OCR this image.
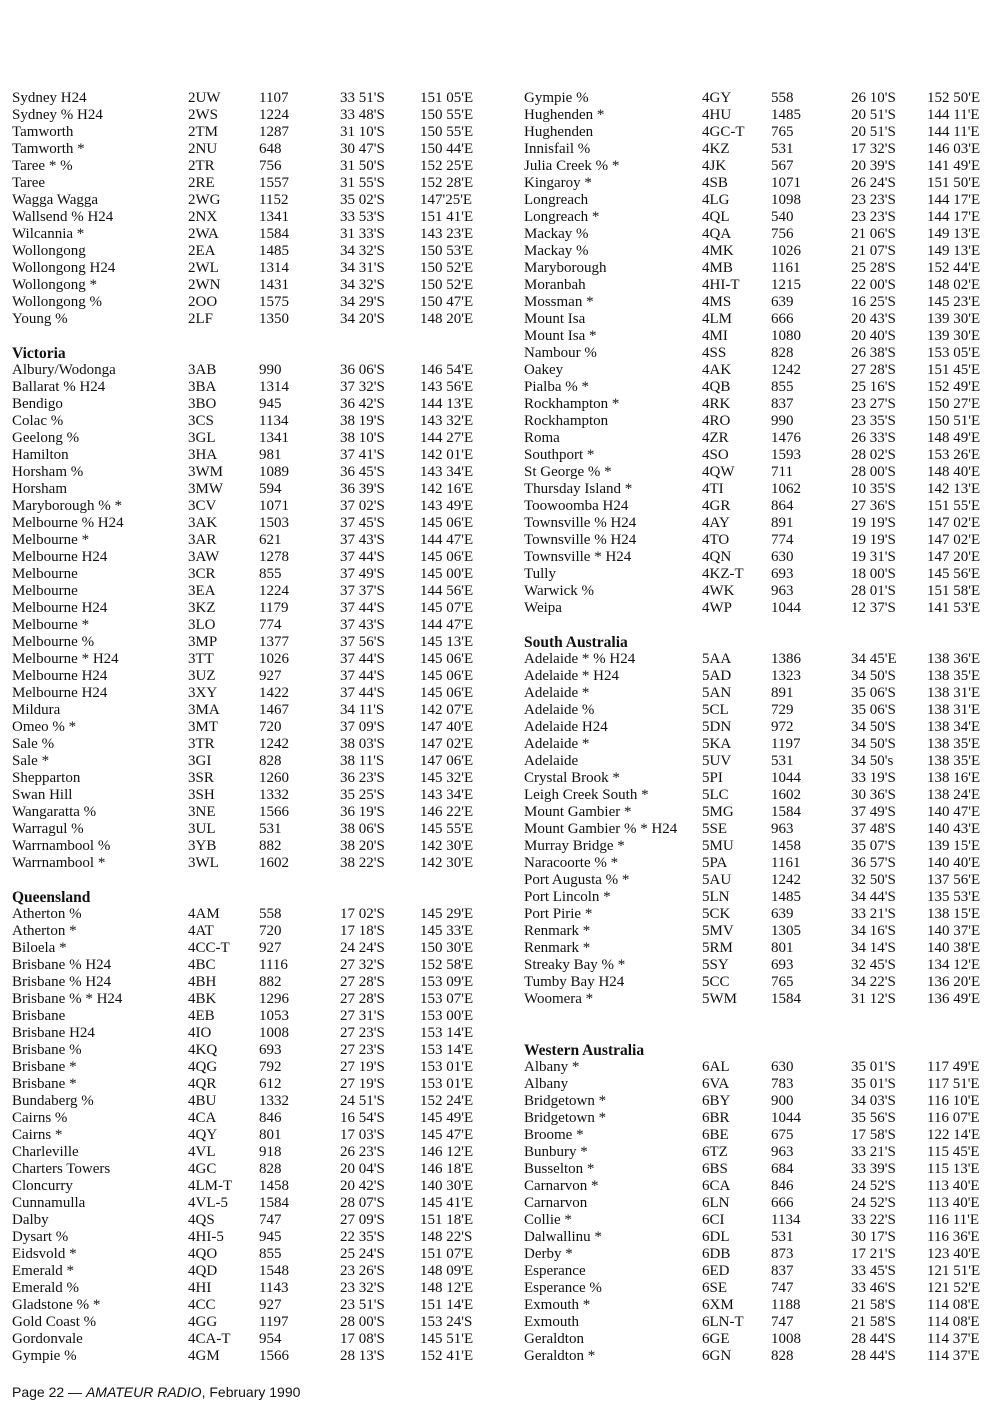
Sydney H24	2UW	1107	33 51'S	151 05'E
Sydney % H24	2WS	1224	33 48'S	150 55'E
Tamworth	2TM	1287	31 10'S	150 55'E
Tamworth *	2NU	648	30 47'S	150 44'E
Taree * %	2TR	756	31 50'S	152 25'E
Taree	2RE	1557	31 55'S	152 28'E
Wagga Wagga	2WG	1152	35 02'S	147'25'E
Wallsend % H24	2NX	1341	33 53'S	151 41'E
Wilcannia *	2WA	1584	31 33'S	143 23'E
Wollongong	2EA	1485	34 32'S	150 53'E
Wollongong H24	2WL	1314	34 31'S	150 52'E
Wollongong *	2WN	1431	34 32'S	150 52'E
Wollongong %	2OO	1575	34 29'S	150 47'E
Young %	2LF	1350	34 20'S	148 20'E
Victoria
Albury/Wodonga	3AB	990	36 06'S	146 54'E
Ballarat % H24	3BA	1314	37 32'S	143 56'E
Bendigo	3BO	945	36 42'S	144 13'E
Colac %	3CS	1134	38 19'S	143 32'E
Geelong %	3GL	1341	38 10'S	144 27'E
Hamilton	3HA	981	37 41'S	142 01'E
Horsham %	3WM	1089	36 45'S	143 34'E
Horsham	3MW	594	36 39'S	142 16'E
Maryborough % *	3CV	1071	37 02'S	143 49'E
Melbourne % H24	3AK	1503	37 45'S	145 06'E
Melbourne *	3AR	621	37 43'S	144 47'E
Melbourne H24	3AW	1278	37 44'S	145 06'E
Melbourne	3CR	855	37 49'S	145 00'E
Melbourne	3EA	1224	37 37'S	144 56'E
Melbourne H24	3KZ	1179	37 44'S	145 07'E
Melbourne *	3LO	774	37 43'S	144 47'E
Melbourne %	3MP	1377	37 56'S	145 13'E
Melbourne * H24	3TT	1026	37 44'S	145 06'E
Melbourne H24	3UZ	927	37 44'S	145 06'E
Melbourne H24	3XY	1422	37 44'S	145 06'E
Mildura	3MA	1467	34 11'S	142 07'E
Omeo % *	3MT	720	37 09'S	147 40'E
Sale %	3TR	1242	38 03'S	147 02'E
Sale *	3GI	828	38 11'S	147 06'E
Shepparton	3SR	1260	36 23'S	145 32'E
Swan Hill	3SH	1332	35 25'S	143 34'E
Wangaratta %	3NE	1566	36 19'S	146 22'E
Warragul %	3UL	531	38 06'S	145 55'E
Warrnambool %	3YB	882	38 20'S	142 30'E
Warrnambool *	3WL	1602	38 22'S	142 30'E
Queensland
Atherton %	4AM	558	17 02'S	145 29'E
Atherton *	4AT	720	17 18'S	145 33'E
Biloela *	4CC-T	927	24 24'S	150 30'E
Brisbane % H24	4BC	1116	27 32'S	152 58'E
Brisbane % H24	4BH	882	27 28'S	153 09'E
Brisbane % * H24	4BK	1296	27 28'S	153 07'E
Brisbane	4EB	1053	27 31'S	153 00'E
Brisbane H24	4IO	1008	27 23'S	153 14'E
Brisbane %	4KQ	693	27 23'S	153 14'E
Brisbane *	4QG	792	27 19'S	153 01'E
Brisbane *	4QR	612	27 19'S	153 01'E
Bundaberg %	4BU	1332	24 51'S	152 24'E
Cairns %	4CA	846	16 54'S	145 49'E
Cairns *	4QY	801	17 03'S	145 47'E
Charleville	4VL	918	26 23'S	146 12'E
Charters Towers	4GC	828	20 04'S	146 18'E
Cloncurry	4LM-T	1458	20 42'S	140 30'E
Cunnamulla	4VL-5	1584	28 07'S	145 41'E
Dalby	4QS	747	27 09'S	151 18'E
Dysart %	4HI-5	945	22 35'S	148 22'S
Eidsvold *	4QO	855	25 24'S	151 07'E
Emerald *	4QD	1548	23 26'S	148 09'E
Emerald %	4HI	1143	23 32'S	148 12'E
Gladstone % *	4CC	927	23 51'S	151 14'E
Gold Coast %	4GG	1197	28 00'S	153 24'S
Gordonvale	4CA-T	954	17 08'S	145 51'E
Gympie %	4GM	1566	28 13'S	152 41'E
Gympie %	4GY	558	26 10'S	152 50'E
Hughenden *	4HU	1485	20 51'S	144 11'E
Hughenden	4GC-T	765	20 51'S	144 11'E
Innisfail %	4KZ	531	17 32'S	146 03'E
Julia Creek % *	4JK	567	20 39'S	141 49'E
Kingaroy *	4SB	1071	26 24'S	151 50'E
Longreach	4LG	1098	23 23'S	144 17'E
Longreach *	4QL	540	23 23'S	144 17'E
Mackay %	4QA	756	21 06'S	149 13'E
Mackay %	4MK	1026	21 07'S	149 13'E
Maryborough	4MB	1161	25 28'S	152 44'E
Moranbah	4HI-T	1215	22 00'S	148 02'E
Mossman *	4MS	639	16 25'S	145 23'E
Mount Isa	4LM	666	20 43'S	139 30'E
Mount Isa *	4MI	1080	20 40'S	139 30'E
Nambour %	4SS	828	26 38'S	153 05'E
Oakey	4AK	1242	27 28'S	151 45'E
Pialba % *	4QB	855	25 16'S	152 49'E
Rockhampton *	4RK	837	23 27'S	150 27'E
Rockhampton	4RO	990	23 35'S	150 51'E
Roma	4ZR	1476	26 33'S	148 49'E
Southport *	4SO	1593	28 02'S	153 26'E
St George % *	4QW	711	28 00'S	148 40'E
Thursday Island *	4TI	1062	10 35'S	142 13'E
Toowoomba H24	4GR	864	27 36'S	151 55'E
Townsville % H24	4AY	891	19 19'S	147 02'E
Townsville % H24	4TO	774	19 19'S	147 02'E
Townsville * H24	4QN	630	19 31'S	147 20'E
Tully	4KZ-T	693	18 00'S	145 56'E
Warwick %	4WK	963	28 01'S	151 58'E
Weipa	4WP	1044	12 37'S	141 53'E
South Australia
Adelaide * % H24	5AA	1386	34 45'E	138 36'E
Adelaide * H24	5AD	1323	34 50'S	138 35'E
Adelaide *	5AN	891	35 06'S	138 31'E
Adelaide %	5CL	729	35 06'S	138 31'E
Adelaide H24	5DN	972	34 50'S	138 34'E
Adelaide *	5KA	1197	34 50'S	138 35'E
Adelaide	5UV	531	34 50's	138 35'E
Crystal Brook *	5PI	1044	33 19'S	138 16'E
Leigh Creek South *	5LC	1602	30 36'S	138 24'E
Mount Gambier *	5MG	1584	37 49'S	140 47'E
Mount Gambier % * H24	5SE	963	37 48'S	140 43'E
Murray Bridge *	5MU	1458	35 07'S	139 15'E
Naracoorte % *	5PA	1161	36 57'S	140 40'E
Port Augusta % *	5AU	1242	32 50'S	137 56'E
Port Lincoln *	5LN	1485	34 44'S	135 53'E
Port Pirie *	5CK	639	33 21'S	138 15'E
Renmark *	5MV	1305	34 16'S	140 37'E
Renmark *	5RM	801	34 14'S	140 38'E
Streaky Bay % *	5SY	693	32 45'S	134 12'E
Tumby Bay H24	5CC	765	34 22'S	136 20'E
Woomera *	5WM	1584	31 12'S	136 49'E
Western Australia
Albany *	6AL	630	35 01'S	117 49'E
Albany	6VA	783	35 01'S	117 51'E
Bridgetown *	6BY	900	34 03'S	116 10'E
Bridgetown *	6BR	1044	35 56'S	116 07'E
Broome *	6BE	675	17 58'S	122 14'E
Bunbury *	6TZ	963	33 21'S	115 45'E
Busselton *	6BS	684	33 39'S	115 13'E
Carnarvon *	6CA	846	24 52'S	113 40'E
Carnarvon	6LN	666	24 52'S	113 40'E
Collie *	6CI	1134	33 22'S	116 11'E
Dalwallinu *	6DL	531	30 17'S	116 36'E
Derby *	6DB	873	17 21'S	123 40'E
Esperance	6ED	837	33 45'S	121 51'E
Esperance %	6SE	747	33 46'S	121 52'E
Exmouth *	6XM	1188	21 58'S	114 08'E
Exmouth	6LN-T	747	21 58'S	114 08'E
Geraldton	6GE	1008	28 44'S	114 37'E
Geraldton *	6GN	828	28 44'S	114 37'E
Page 22 — AMATEUR RADIO, February 1990
